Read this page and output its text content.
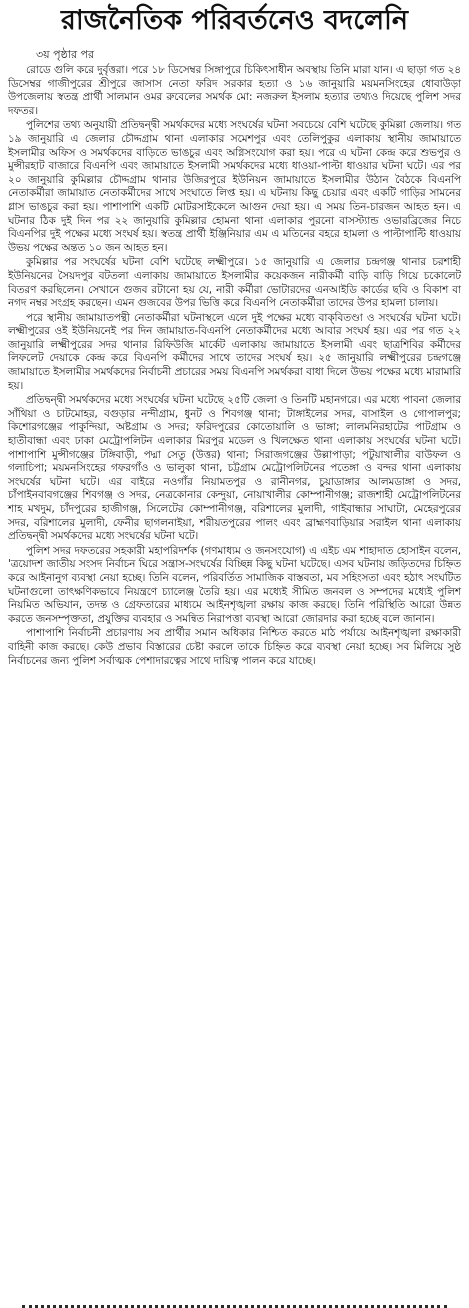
রাজনৈতিক পরিবর্তনেও বদলেনি
৩য় পৃষ্ঠার পর

রোডে গুলি করে দুর্বৃত্তরা। পরে ১৮ ডিসেম্বর সিঙ্গাপুরে চিকিৎসাধীন অবস্থায় তিনি মারা যান। এ ছাড়া গত ২৪ ডিসেম্বর গাজীপুরের শ্রীপুরে জাসাস নেতা ফরিদ সরকার হত্যা ও ১৬ জানুয়ারি ময়মনসিংহের ধোবাউড়া উপজেলায় স্বতন্ত্র প্রার্থী সালমান ওমর রুবেলের সমর্থক মো: নজরুল ইসলাম হত্যার তথ্যও দিয়েছে পুলিশ সদর দফতর।

পুলিশের তথ্য অনুযায়ী প্রতিদ্বন্দ্বী সমর্থকদের মধ্যে সংঘর্ষের ঘটনা সবচেয়ে বেশি ঘটেছে কুমিল্লা জেলায়। গত ১৯ জানুয়ারি এ জেলার চৌদ্দগ্রাম থানা এলাকার সমেশপুর এবং তেলিপুকুর এলাকায় স্থানীয় জামায়াতে ইসলামীর অফিস ও সমর্থকদের বাড়িতে ভাঙচুর এবং অগ্নিসংযোগ করা হয়। পরে এ ঘটনা কেন্দ্র করে শুভপুর ও মুন্সীরহাট বাজারে বিএনপি এবং জামায়াতে ইসলামী সমর্থকদের মধ্যে ধাওয়া-পাল্টা ধাওয়ার ঘটনা ঘটে। এর পর ২০ জানুয়ারি কুমিল্লার চৌদ্দগ্রাম থানার উজিরপুরে ইউনিয়ন জামায়াতে ইসলামীর উঠান বৈঠকে বিএনপি নেতাকর্মীরা জামায়াত নেতাকর্মীদের সাথে সংঘাতে লিপ্ত হয়। এ ঘটনায় কিছু চেয়ার এবং একটি গাড়ির সামনের গ্লাস ভাঙচুর করা হয়। পাশাপাশি একটি মোটরসাইকেলে আগুন দেয়া হয়। এ সময় তিন-চারজন আহত হন। এ ঘটনার ঠিক দুই দিন পর ২২ জানুয়ারি কুমিল্লার হোমনা থানা এলাকার পুরনো বাসস্ট্যান্ড ওভারব্রিজের নিচে বিএনপির দুই পক্ষের মধ্যে সংঘর্ষ হয়। স্বতন্ত্র প্রার্থী ইঞ্জিনিয়ার এম এ মতিনের বহরে হামলা ও পাল্টাপাল্টি ধাওয়ায় উভয় পক্ষের অন্তত ১০ জন আহত হন।

কুমিল্লার পর সংঘর্ষের ঘটনা বেশি ঘটেছে লক্ষ্মীপুরে। ১৫ জানুয়ারি এ জেলার চন্দ্রগঞ্জ থানার চরশাহী ইউনিয়নের সৈয়দপুর বটতলা এলাকায় জামায়াতে ইসলামীর কয়েকজন নারীকর্মী বাড়ি বাড়ি গিয়ে চকোলেট বিতরণ করছিলেন। সেখানে গুজব রটানো হয় যে, নারী কর্মীরা ভোটারদের এনআইডি কার্ডের ছবি ও বিকাশ বা নগদ নম্বর সংগ্রহ করছেন। এমন গুজবের উপর ভিত্তি করে বিএনপি নেতাকর্মীরা তাদের উপর হামলা চালায়।

পরে স্থানীয় জামায়াতপন্থী নেতাকর্মীরা ঘটনাস্থলে এলে দুই পক্ষের মধ্যে বাক্‌বিতণ্ডা ও সংঘর্ষের ঘটনা ঘটে। লক্ষ্মীপুরের ওই ইউনিয়নেই পর দিন জামায়াত-বিএনপি নেতাকর্মীদের মধ্যে আবার সংঘর্ষ হয়। এর পর গত ২২ জানুয়ারি লক্ষ্মীপুরের সদর থানার রিফিউজি মার্কেট এলাকায় জামায়াতে ইসলামী এবং ছাত্রশিবির কর্মীদের লিফলেট দেয়াকে কেন্দ্র করে বিএনপি কর্মীদের সাথে তাদের সংঘর্ষ হয়। ২৫ জানুয়ারি লক্ষ্মীপুরের চন্দ্রগঞ্জে জামায়াতে ইসলামীর সমর্থকদের নির্বাচনী প্রচারের সময় বিএনপি সমর্থকরা বাধা দিলে উভয় পক্ষের মধ্যে মারামারি হয়।

প্রতিদ্বন্দ্বী সমর্থকদের মধ্যে সংঘর্ষের ঘটনা ঘটেছে ২৫টি জেলা ও তিনটি মহানগরে। এর মধ্যে পাবনা জেলার সাঁথিয়া ও চাটমোহর, বগুড়ার নন্দীগ্রাম, ধুনট ও শিবগঞ্জ থানা; টাঙ্গাইলের সদর, বাসাইল ও গোপালপুর; কিশোরগঞ্জের পাকুন্দিয়া, অষ্টগ্রাম ও সদর; ফরিদপুরের কোতোয়ালি ও ভাঙ্গা; লালমনিরহাটের পাটগ্রাম ও হাতীবান্ধা এবং ঢাকা মেট্রোপলিটন এলাকার মিরপুর মডেল ও খিলক্ষেত থানা এলাকায় সংঘর্ষের ঘটনা ঘটে। পাশাপাশি মুন্সীগঞ্জের টঙ্গিবাড়ী, পদ্মা সেতু (উত্তর) থানা; সিরাজগঞ্জের উল্লাপাড়া; পটুয়াখালীর বাউফল ও গলাচিপা; ময়মনসিংহের গফরগাঁও ও ভালুকা থানা, চট্টগ্রাম মেট্রোপলিটনের পতেঙ্গা ও বন্দর থানা এলাকায় সংঘর্ষের ঘটনা ঘটে। এর বাইরে নওগাঁর নিয়ামতপুর ও রানীনগর, চুয়াডাঙ্গার আলমডাঙ্গা ও সদর, চাঁপাইনবাবগঞ্জের শিবগঞ্জ ও সদর, নেত্রকোনার কেন্দুয়া, নোয়াখালীর কোম্পানীগঞ্জ; রাজশাহী মেট্রোপলিটনের শাহ মখদুম, চাঁদপুরের হাজীগঞ্জ, সিলেটের কোম্পানীগঞ্জ, বরিশালের মুলাদী, গাইবান্ধার সাঘাটা, মেহেরপুরের সদর, বরিশালের মুলাদী, ফেনীর ছাগলনাইয়া, শরীয়তপুরের পালং এবং ব্রাহ্মণবাড়িয়ার সরাইল থানা এলাকায় প্রতিদ্বন্দ্বী সমর্থকদের মধ্যে সংঘর্ষের ঘটনা ঘটে।

পুলিশ সদর দফতরের সহকারী মহাপরিদর্শক (গণমাধ্যম ও জনসংযোগ) এ এইচ এম শাহাদাত হোসাইন বলেন, 'ত্রয়োদশ জাতীয় সংসদ নির্বাচন ঘিরে সন্ত্রাস-সংঘর্ষের বিচ্ছিন্ন কিছু ঘটনা ঘটেছে। এসব ঘটনায় জড়িতদের চিহ্নিত করে আইনানুগ ব্যবস্থা নেয়া হচ্ছে। তিনি বলেন, পরিবর্তিত সামাজিক বাস্তবতা, মব সহিংসতা এবং হঠাৎ সংঘটিত ঘটনাগুলো তাৎক্ষণিকভাবে নিয়ন্ত্রণে চ্যালেঞ্জ তৈরি হয়। এর মধ্যেই সীমিত জনবল ও সম্পদের মধ্যেই পুলিশ নিয়মিত অভিযান, তদন্ত ও গ্রেফতারের মাধ্যমে আইনশৃঙ্খলা রক্ষায় কাজ করছে। তিনি পরিস্থিতি আরো উন্নত করতে জনসম্পৃক্ততা, প্রযুক্তির ব্যবহার ও সমন্বিত নিরাপত্তা ব্যবস্থা আরো জোরদার করা হচ্ছে বলে জানান।

পাশাপাশি নির্বাচনী প্রচারণায় সব প্রার্থীর সমান অধিকার নিশ্চিত করতে মাঠ পর্যায়ে আইনশৃঙ্খলা রক্ষাকারী বাহিনী কাজ করছে। কেউ প্রভাব বিস্তারের চেষ্টা করলে তাকে চিহ্নিত করে ব্যবস্থা নেয়া হচ্ছে। সব মিলিয়ে সুষ্ঠ নির্বাচনের জন্য পুলিশ সর্বাত্মক পেশাদারত্বের সাথে দায়িত্ব পালন করে যাচ্ছে।
